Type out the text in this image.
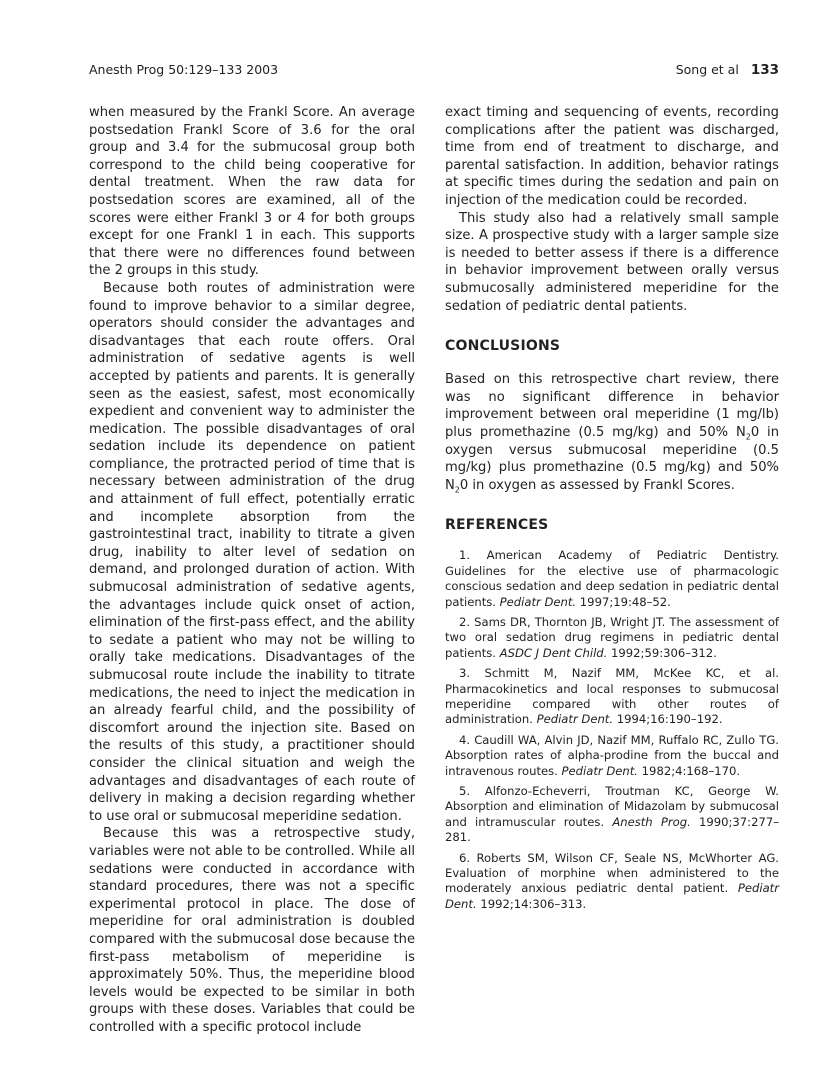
Anesth Prog 50:129–133 2003	Song et al 133

when measured by the Frankl Score. An average postsedation Frankl Score of 3.6 for the oral group and 3.4 for the submucosal group both correspond to the child being cooperative for dental treatment. When the raw data for postsedation scores are examined, all of the scores were either Frankl 3 or 4 for both groups except for one Frankl 1 in each. This supports that there were no differences found between the 2 groups in this study.

Because both routes of administration were found to improve behavior to a similar degree, operators should consider the advantages and disadvantages that each route offers. Oral administration of sedative agents is well accepted by patients and parents. It is generally seen as the easiest, safest, most economically expedient and convenient way to administer the medication. The possible disadvantages of oral sedation include its dependence on patient compliance, the protracted period of time that is necessary between administration of the drug and attainment of full effect, potentially erratic and incomplete absorption from the gastrointestinal tract, inability to titrate a given drug, inability to alter level of sedation on demand, and prolonged duration of action. With submucosal administration of sedative agents, the advantages include quick onset of action, elimination of the first-pass effect, and the ability to sedate a patient who may not be willing to orally take medications. Disadvantages of the submucosal route include the inability to titrate medications, the need to inject the medication in an already fearful child, and the possibility of discomfort around the injection site. Based on the results of this study, a practitioner should consider the clinical situation and weigh the advantages and disadvantages of each route of delivery in making a decision regarding whether to use oral or submucosal meperidine sedation.

Because this was a retrospective study, variables were not able to be controlled. While all sedations were conducted in accordance with standard procedures, there was not a specific experimental protocol in place. The dose of meperidine for oral administration is doubled compared with the submucosal dose because the first-pass metabolism of meperidine is approximately 50%. Thus, the meperidine blood levels would be expected to be similar in both groups with these doses. Variables that could be controlled with a specific protocol include

exact timing and sequencing of events, recording complications after the patient was discharged, time from end of treatment to discharge, and parental satisfaction. In addition, behavior ratings at specific times during the sedation and pain on injection of the medication could be recorded.

This study also had a relatively small sample size. A prospective study with a larger sample size is needed to better assess if there is a difference in behavior improvement between orally versus submucosally administered meperidine for the sedation of pediatric dental patients.

CONCLUSIONS

Based on this retrospective chart review, there was no significant difference in behavior improvement between oral meperidine (1 mg/lb) plus promethazine (0.5 mg/kg) and 50% $N_20$ in oxygen versus submucosal meperidine (0.5 mg/kg) plus promethazine (0.5 mg/kg) and 50% $N_20$ in oxygen as assessed by Frankl Scores.

REFERENCES
1. American Academy of Pediatric Dentistry. Guidelines for the elective use of pharmacologic conscious sedation and deep sedation in pediatric dental patients. Pediatr Dent. 1997;19:48–52.
2. Sams DR, Thornton JB, Wright JT. The assessment of two oral sedation drug regimens in pediatric dental patients. ASDC J Dent Child. 1992;59:306–312.
3. Schmitt M, Nazif MM, McKee KC, et al. Pharmacokinetics and local responses to submucosal meperidine compared with other routes of administration. Pediatr Dent. 1994;16:190–192.
4. Caudill WA, Alvin JD, Nazif MM, Ruffalo RC, Zullo TG. Absorption rates of alpha-prodine from the buccal and intravenous routes. Pediatr Dent. 1982;4:168–170.
5. Alfonzo-Echeverri, Troutman KC, George W. Absorption and elimination of Midazolam by submucosal and intramuscular routes. Anesth Prog. 1990;37:277–281.
6. Roberts SM, Wilson CF, Seale NS, McWhorter AG. Evaluation of morphine when administered to the moderately anxious pediatric dental patient. Pediatr Dent. 1992;14:306–313.
